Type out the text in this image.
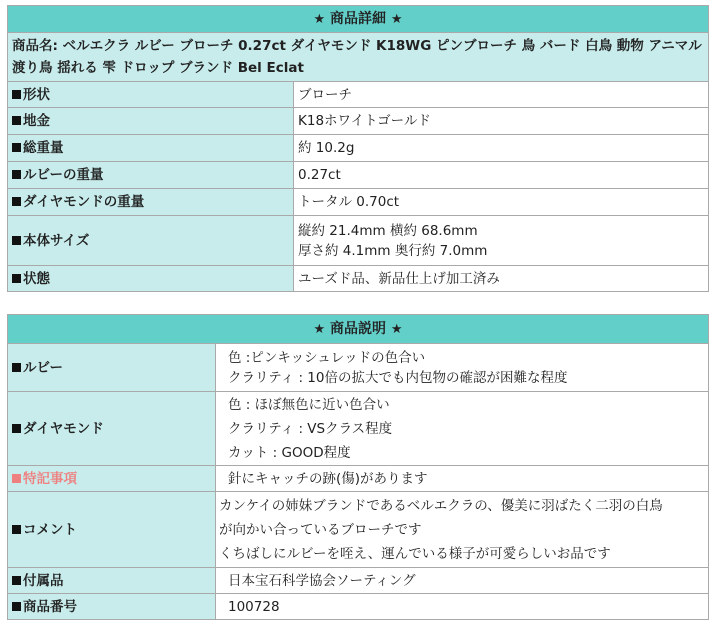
★ 商品詳細 ★	
商品名: ベルエクラ ルビー ブローチ 0.27ct ダイヤモンド K18WG ピンブローチ 鳥 バード 白鳥 動物 アニマル 渡り鳥 揺れる 雫 ドロップ ブランド Bel Eclat	
形状	ブローチ
地金	K18ホワイトゴールド
総重量	約 10.2g
ルビーの重量	0.27ct
ダイヤモンドの重量	トータル 0.70ct
本体サイズ	縦約 21.4mm 横約 68.6mm
厚さ約 4.1mm 奥行約 7.0mm

状態	ユーズド品、新品仕上げ加工済み
★ 商品説明 ★	
ルビー	色 :ピンキッシュレッドの色合い
クラリティ : 10倍の拡大でも内包物の確認が困難な程度

ダイヤモンド	色 : ほぼ無色に近い色合い
クラリティ : VSクラス程度
カット : GOOD程度

特記事項	針にキャッチの跡(傷)があります
コメント	カンケイの姉妹ブランドであるベルエクラの、優美に羽ばたく二羽の白鳥
が向かい合っているブローチです
くちばしにルビーを咥え、運んでいる様子が可愛らしいお品です

付属品	日本宝石科学協会ソーティング
商品番号	100728
